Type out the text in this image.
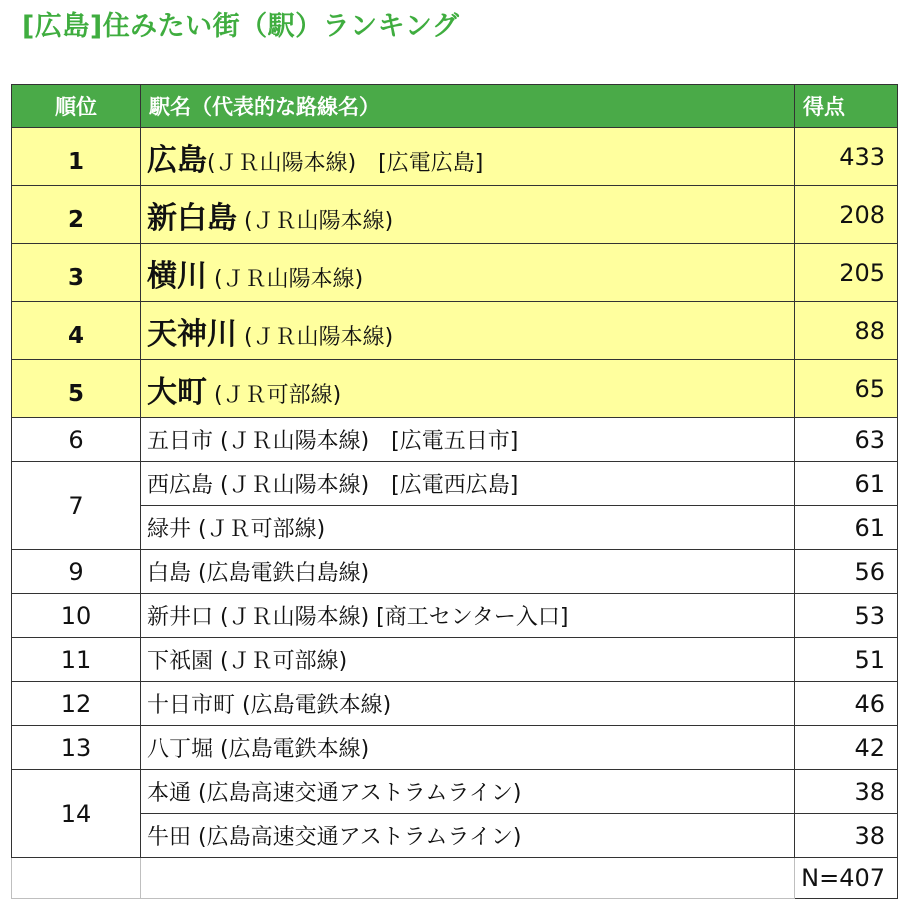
[広島]住みたい街（駅）ランキング
順位	駅名（代表的な路線名）	得点
1	広島(ＪＲ山陽本線)　[広電広島]	433
2	新白島 (ＪＲ山陽本線)	208
3	横川 (ＪＲ山陽本線)	205
4	天神川 (ＪＲ山陽本線)	88
5	大町 (ＪＲ可部線)	65
6	五日市 (ＪＲ山陽本線)　[広電五日市]	63
7	西広島 (ＪＲ山陽本線)　[広電西広島]	61
	緑井 (ＪＲ可部線)	61
9	白島 (広島電鉄白島線)	56
10	新井口 (ＪＲ山陽本線) [商工センター入口]	53
11	下祇園 (ＪＲ可部線)	51
12	十日市町 (広島電鉄本線)	46
13	八丁堀 (広島電鉄本線)	42
14	本通 (広島高速交通アストラムライン)	38
	牛田 (広島高速交通アストラムライン)	38
		N=407
